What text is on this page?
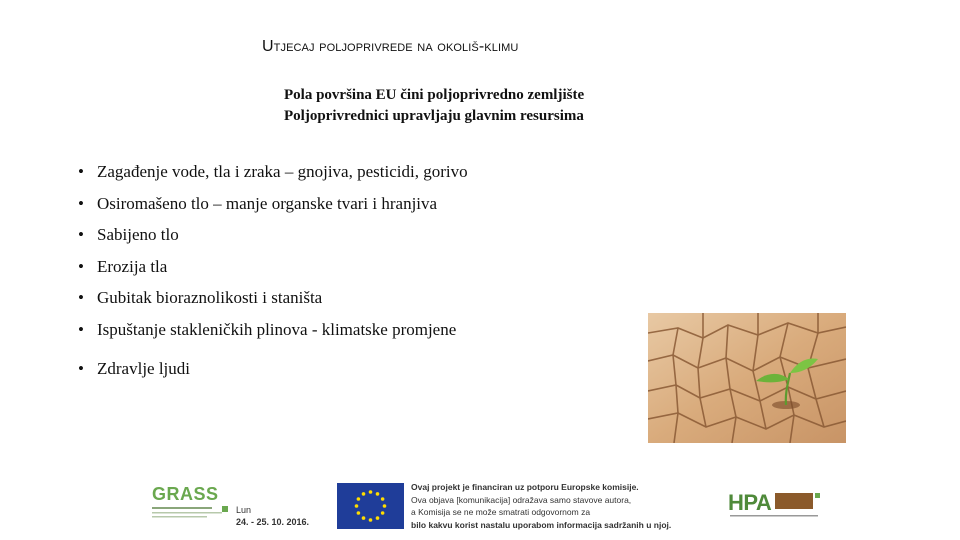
Utjecaj poljoprivrede na okoliš-klimu
Pola površina EU čini poljoprivredno zemljište
Poljoprivrednici upravljaju glavnim resursima
• Zagađenje vode, tla i zraka – gnojiva, pesticidi, gorivo
• Osiromašeno tlo – manje organske tvari i hranjiva
• Sabijeno tlo
• Erozija tla
• Gubitak bioraznolikosti i staništa
• Ispuštanje stakleničkih plinova - klimatske promjene
• Zdravlje ljudi
GRASS
Lun
24. - 25. 10. 2016.
Ovaj projekt je financiran uz potporu Europske komisije.
Ova objava [komunikacija] odražava samo stavove autora,
a Komisija se ne može smatrati odgovornom za
bilo kakvu korist nastalu uporabom informacija sadržanih u njoj.
HPA
